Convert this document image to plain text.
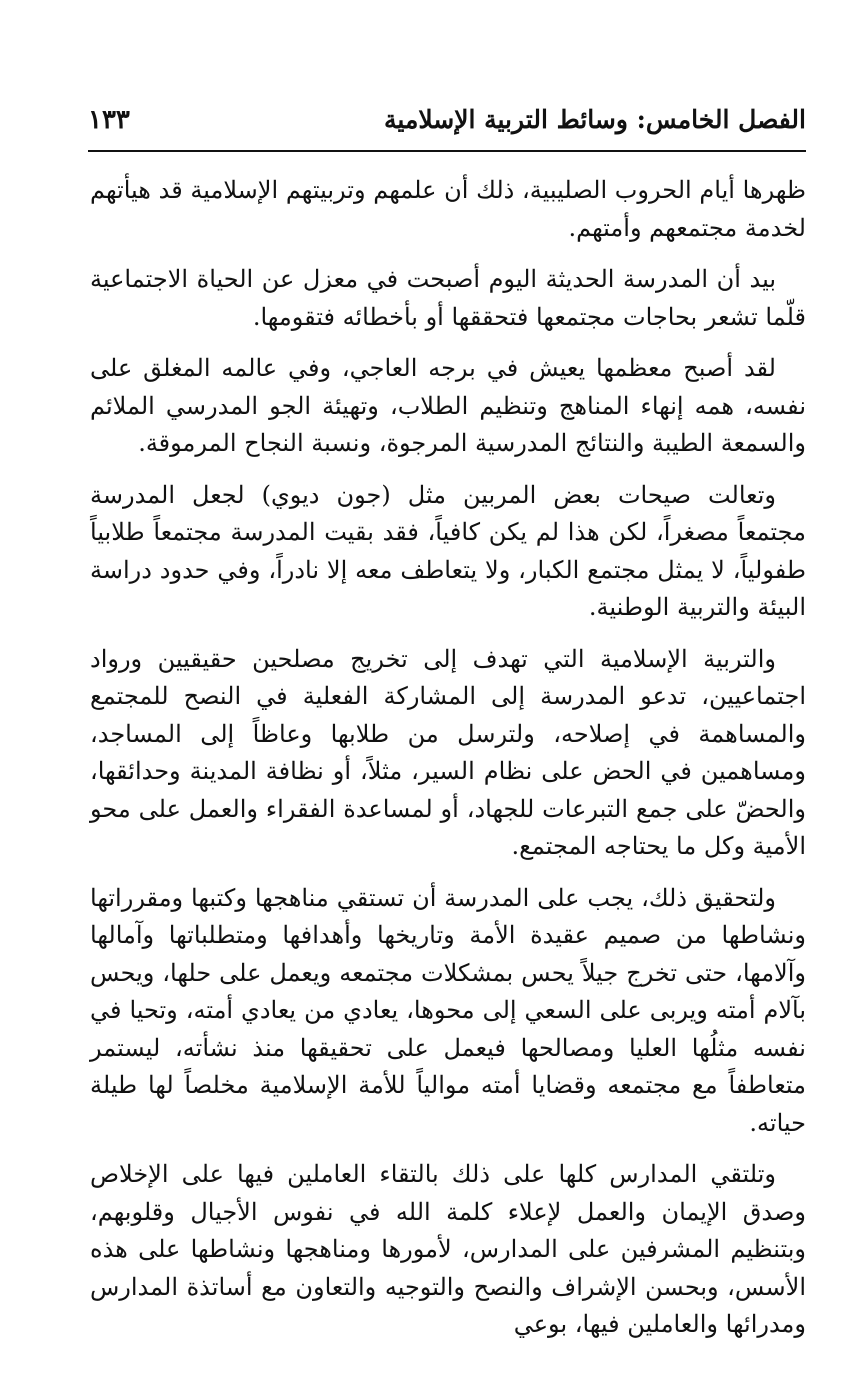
الفصل الخامس: وسائط التربية الإسلامية
١٣٣

ظهرها أيام الحروب الصليبية، ذلك أن علمهم وتربيتهم الإسلامية قد هيأتهم لخدمة مجتمعهم وأمتهم.

بيد أن المدرسة الحديثة اليوم أصبحت في معزل عن الحياة الاجتماعية قلّما تشعر بحاجات مجتمعها فتحققها أو بأخطائه فتقومها.

لقد أصبح معظمها يعيش في برجه العاجي، وفي عالمه المغلق على نفسه، همه إنهاء المناهج وتنظيم الطلاب، وتهيئة الجو المدرسي الملائم والسمعة الطيبة والنتائج المدرسية المرجوة، ونسبة النجاح المرموقة.

وتعالت صيحات بعض المربين مثل (جون ديوي) لجعل المدرسة مجتمعاً مصغراً، لكن هذا لم يكن كافياً، فقد بقيت المدرسة مجتمعاً طلابياً طفولياً، لا يمثل مجتمع الكبار، ولا يتعاطف معه إلا نادراً، وفي حدود دراسة البيئة والتربية الوطنية.

والتربية الإسلامية التي تهدف إلى تخريج مصلحين حقيقيين ورواد اجتماعيين، تدعو المدرسة إلى المشاركة الفعلية في النصح للمجتمع والمساهمة في إصلاحه، ولترسل من طلابها وعاظاً إلى المساجد، ومساهمين في الحض على نظام السير، مثلاً، أو نظافة المدينة وحدائقها، والحضّ على جمع التبرعات للجهاد، أو لمساعدة الفقراء والعمل على محو الأمية وكل ما يحتاجه المجتمع.

ولتحقيق ذلك، يجب على المدرسة أن تستقي مناهجها وكتبها ومقرراتها ونشاطها من صميم عقيدة الأمة وتاريخها وأهدافها ومتطلباتها وآمالها وآلامها، حتى تخرج جيلاً يحس بمشكلات مجتمعه ويعمل على حلها، ويحس بآلام أمته ويربى على السعي إلى محوها، يعادي من يعادي أمته، وتحيا في نفسه مثلُها العليا ومصالحها فيعمل على تحقيقها منذ نشأته، ليستمر متعاطفاً مع مجتمعه وقضايا أمته موالياً للأمة الإسلامية مخلصاً لها طيلة حياته.

وتلتقي المدارس كلها على ذلك بالتقاء العاملين فيها على الإخلاص وصدق الإيمان والعمل لإعلاء كلمة الله في نفوس الأجيال وقلوبهم، وبتنظيم المشرفين على المدارس، لأمورها ومناهجها ونشاطها على هذه الأسس، وبحسن الإشراف والنصح والتوجيه والتعاون مع أساتذة المدارس ومدرائها والعاملين فيها، بوعي
